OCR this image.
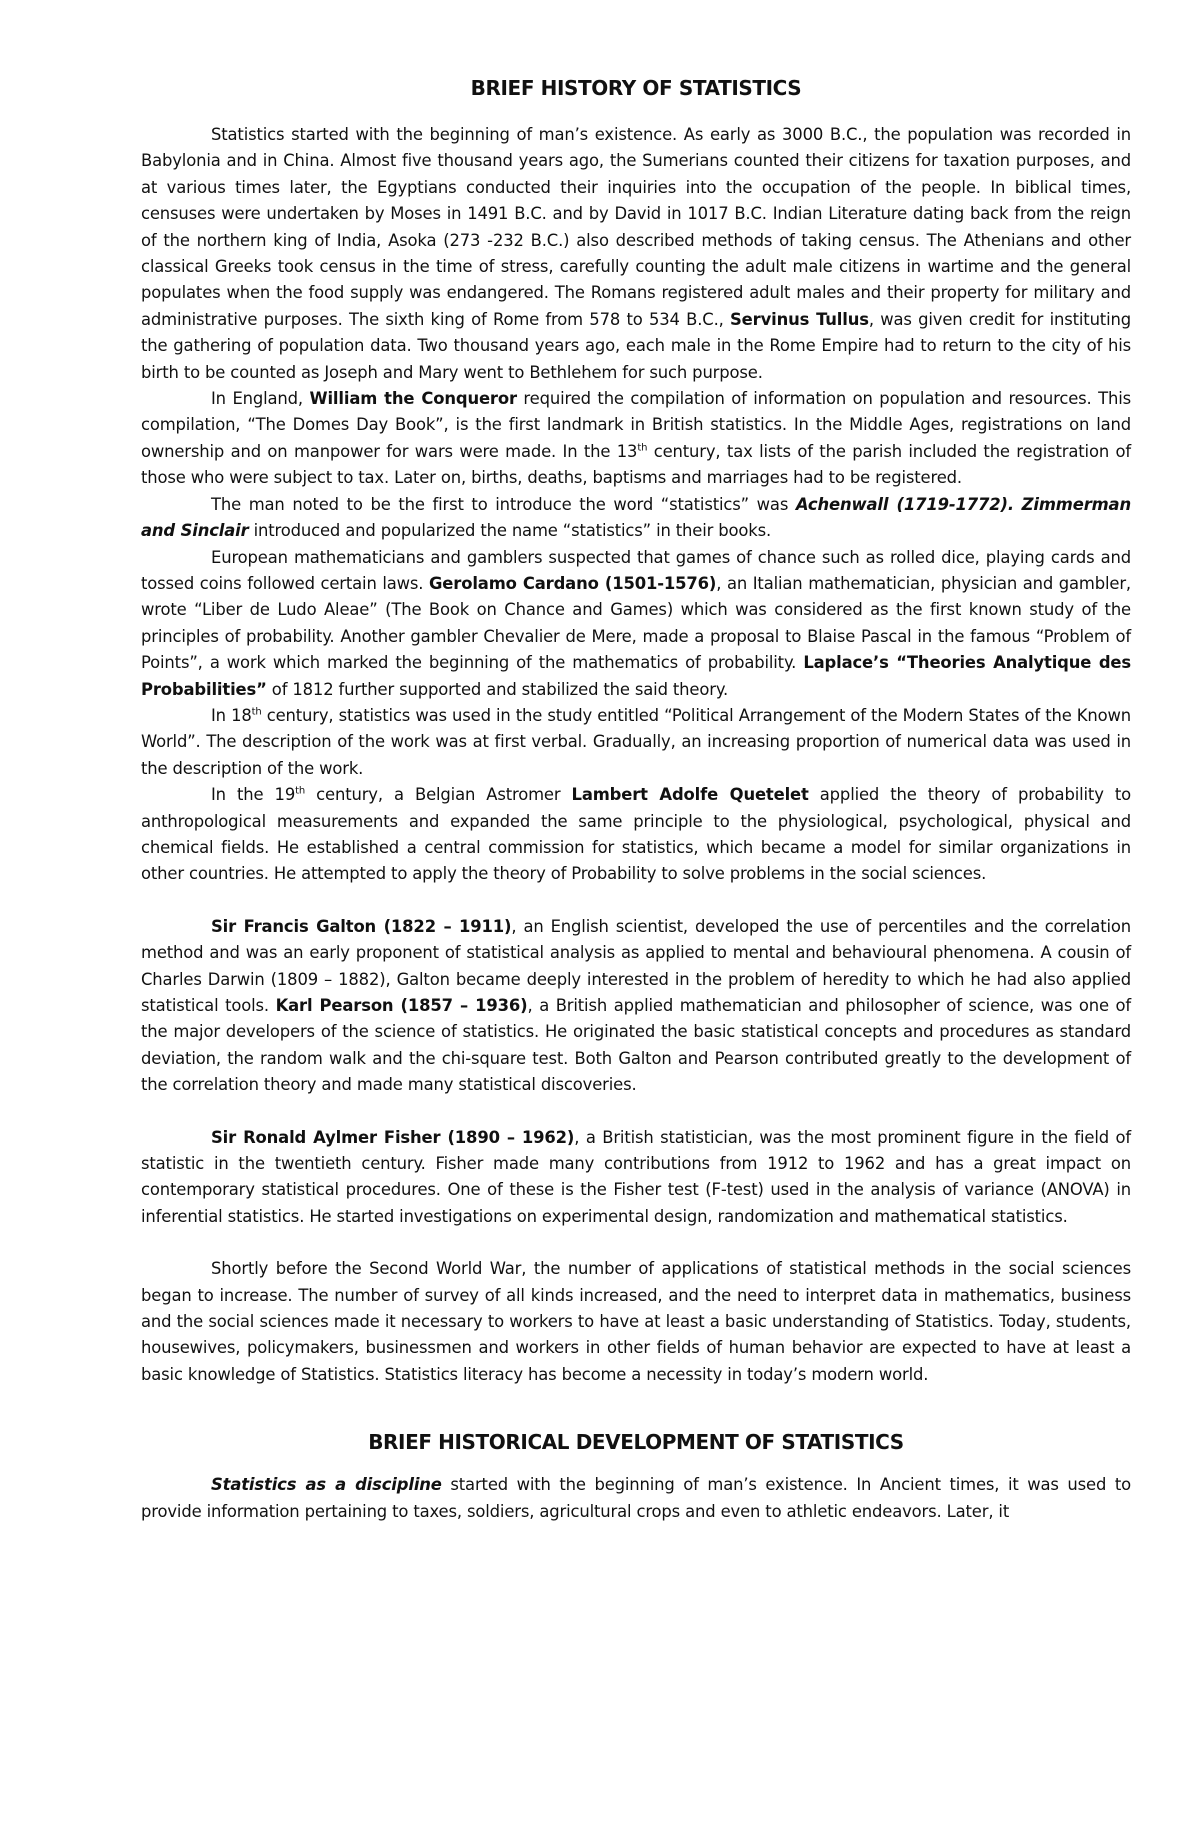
BRIEF HISTORY OF STATISTICS

Statistics started with the beginning of man’s existence. As early as 3000 B.C., the population was recorded in Babylonia and in China. Almost five thousand years ago, the Sumerians counted their citizens for taxation purposes, and at various times later, the Egyptians conducted their inquiries into the occupation of the people. In biblical times, censuses were undertaken by Moses in 1491 B.C. and by David in 1017 B.C. Indian Literature dating back from the reign of the northern king of India, Asoka (273 -232 B.C.) also described methods of taking census. The Athenians and other classical Greeks took census in the time of stress, carefully counting the adult male citizens in wartime and the general populates when the food supply was endangered. The Romans registered adult males and their property for military and administrative purposes. The sixth king of Rome from 578 to 534 B.C., Servinus Tullus, was given credit for instituting the gathering of population data. Two thousand years ago, each male in the Rome Empire had to return to the city of his birth to be counted as Joseph and Mary went to Bethlehem for such purpose.

In England, William the Conqueror required the compilation of information on population and resources. This compilation, “The Domes Day Book”, is the first landmark in British statistics. In the Middle Ages, registrations on land ownership and on manpower for wars were made. In the 13th century, tax lists of the parish included the registration of those who were subject to tax. Later on, births, deaths, baptisms and marriages had to be registered.

The man noted to be the first to introduce the word “statistics” was Achenwall (1719-1772). Zimmerman and Sinclair introduced and popularized the name “statistics” in their books.

European mathematicians and gamblers suspected that games of chance such as rolled dice, playing cards and tossed coins followed certain laws. Gerolamo Cardano (1501-1576), an Italian mathematician, physician and gambler, wrote “Liber de Ludo Aleae” (The Book on Chance and Games) which was considered as the first known study of the principles of probability. Another gambler Chevalier de Mere, made a proposal to Blaise Pascal in the famous “Problem of Points”, a work which marked the beginning of the mathematics of probability. Laplace’s “Theories Analytique des Probabilities” of 1812 further supported and stabilized the said theory.

In 18th century, statistics was used in the study entitled “Political Arrangement of the Modern States of the Known World”. The description of the work was at first verbal. Gradually, an increasing proportion of numerical data was used in the description of the work.

In the 19th century, a Belgian Astromer Lambert Adolfe Quetelet applied the theory of probability to anthropological measurements and expanded the same principle to the physiological, psychological, physical and chemical fields. He established a central commission for statistics, which became a model for similar organizations in other countries. He attempted to apply the theory of Probability to solve problems in the social sciences.

Sir Francis Galton (1822 – 1911), an English scientist, developed the use of percentiles and the correlation method and was an early proponent of statistical analysis as applied to mental and behavioural phenomena. A cousin of Charles Darwin (1809 – 1882), Galton became deeply interested in the problem of heredity to which he had also applied statistical tools. Karl Pearson (1857 – 1936), a British applied mathematician and philosopher of science, was one of the major developers of the science of statistics. He originated the basic statistical concepts and procedures as standard deviation, the random walk and the chi-square test. Both Galton and Pearson contributed greatly to the development of the correlation theory and made many statistical discoveries.

Sir Ronald Aylmer Fisher (1890 – 1962), a British statistician, was the most prominent figure in the field of statistic in the twentieth century. Fisher made many contributions from 1912 to 1962 and has a great impact on contemporary statistical procedures. One of these is the Fisher test (F-test) used in the analysis of variance (ANOVA) in inferential statistics. He started investigations on experimental design, randomization and mathematical statistics.

Shortly before the Second World War, the number of applications of statistical methods in the social sciences began to increase. The number of survey of all kinds increased, and the need to interpret data in mathematics, business and the social sciences made it necessary to workers to have at least a basic understanding of Statistics. Today, students, housewives, policymakers, businessmen and workers in other fields of human behavior are expected to have at least a basic knowledge of Statistics. Statistics literacy has become a necessity in today’s modern world.

BRIEF HISTORICAL DEVELOPMENT OF STATISTICS

Statistics as a discipline started with the beginning of man’s existence. In Ancient times, it was used to provide information pertaining to taxes, soldiers, agricultural crops and even to athletic endeavors. Later, it
